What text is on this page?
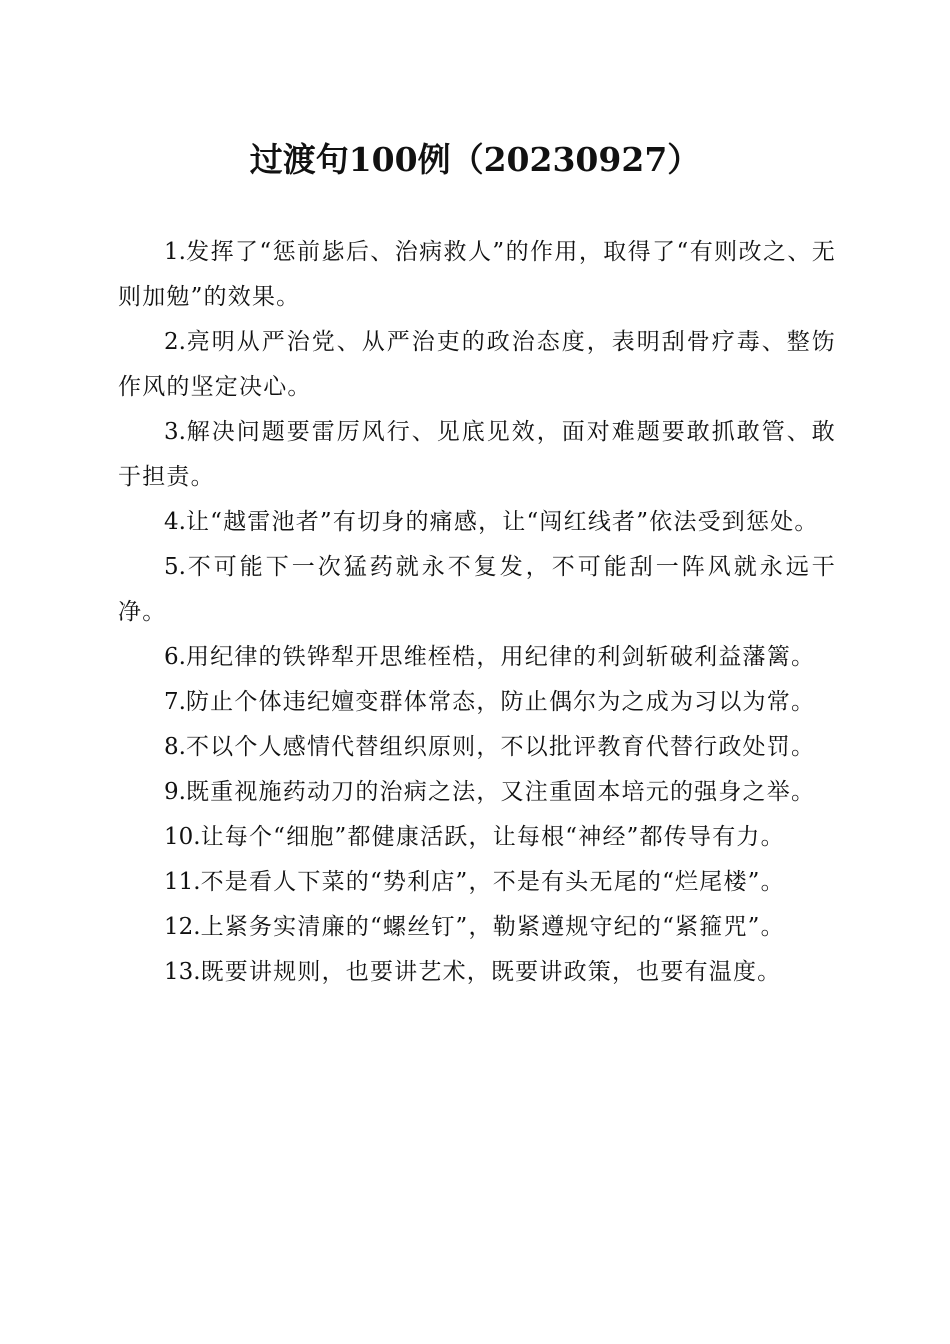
过渡句100例（20230927）

1.发挥了“惩前毖后、治病救人”的作用，取得了“有则改之、无则加勉”的效果。

2.亮明从严治党、从严治吏的政治态度，表明刮骨疗毒、整饬作风的坚定决心。

3.解决问题要雷厉风行、见底见效，面对难题要敢抓敢管、敢于担责。

4.让“越雷池者”有切身的痛感，让“闯红线者”依法受到惩处。

5.不可能下一次猛药就永不复发，不可能刮一阵风就永远干净。

6.用纪律的铁铧犁开思维桎梏，用纪律的利剑斩破利益藩篱。

7.防止个体违纪嬗变群体常态，防止偶尔为之成为习以为常。

8.不以个人感情代替组织原则，不以批评教育代替行政处罚。

9.既重视施药动刀的治病之法，又注重固本培元的强身之举。

10.让每个“细胞”都健康活跃，让每根“神经”都传导有力。

11.不是看人下菜的“势利店”，不是有头无尾的“烂尾楼”。

12.上紧务实清廉的“螺丝钉”，勒紧遵规守纪的“紧箍咒”。

13.既要讲规则，也要讲艺术，既要讲政策，也要有温度。
